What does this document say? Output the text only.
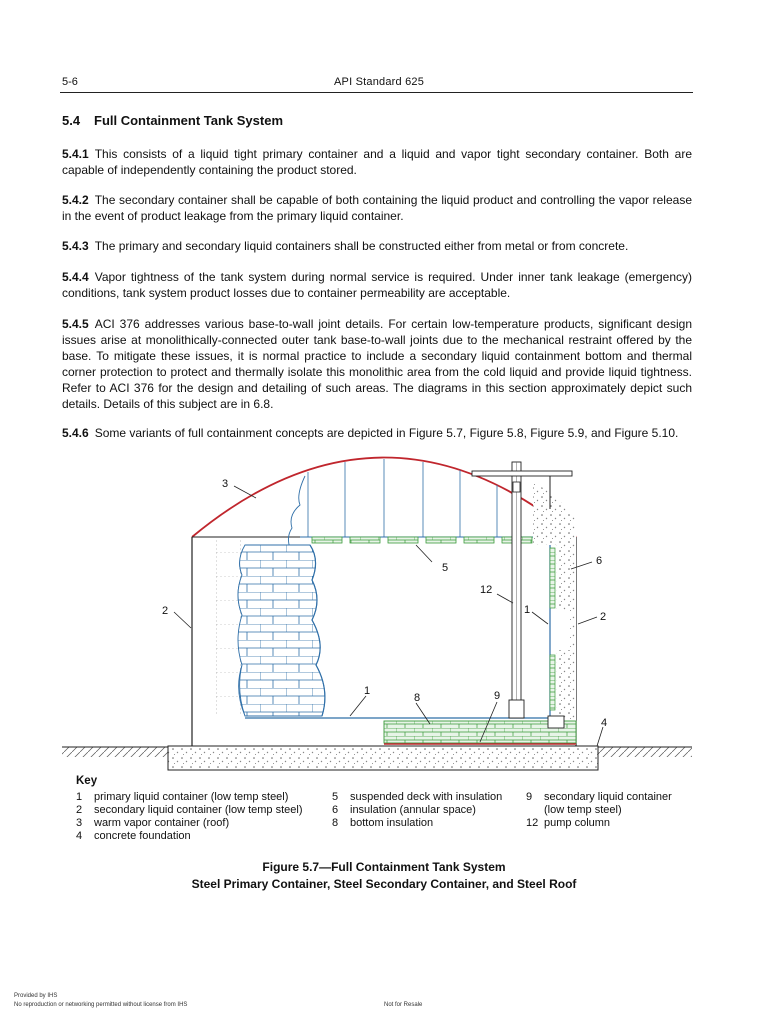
5-6	API Standard 625
5.4 Full Containment Tank System

5.4.1 This consists of a liquid tight primary container and a liquid and vapor tight secondary container. Both are capable of independently containing the product stored.

5.4.2 The secondary container shall be capable of both containing the liquid product and controlling the vapor release in the event of product leakage from the primary liquid container.

5.4.3 The primary and secondary liquid containers shall be constructed either from metal or from concrete.

5.4.4 Vapor tightness of the tank system during normal service is required. Under inner tank leakage (emergency) conditions, tank system product losses due to container permeability are acceptable.

5.4.5 ACI 376 addresses various base-to-wall joint details. For certain low-temperature products, significant design issues arise at monolithically-connected outer tank base-to-wall joints due to the mechanical restraint offered by the base. To mitigate these issues, it is normal practice to include a secondary liquid containment bottom and thermal corner protection to protect and thermally isolate this monolithic area from the cold liquid and provide liquid tightness. Refer to ACI 376 for the design and detailing of such areas. The diagrams in this section approximately depict such details. Details of this subject are in 6.8.

5.4.6 Some variants of full containment concepts are depicted in Figure 5.7, Figure 5.8, Figure 5.9, and Figure 5.10.

3
5
6
12
1
2	2
1
8	9
4
Key
1 primary liquid container (low temp steel)
2 secondary liquid container (low temp steel)
3 warm vapor container (roof)
4 concrete foundation
5 suspended deck with insulation
6 insulation (annular space)
8 bottom insulation
9 secondary liquid container
(low temp steel)
12 pump column
Figure 5.7—Full Containment Tank System
Steel Primary Container, Steel Secondary Container, and Steel Roof
Provided by IHS
No reproduction or networking permitted without license from IHS	Not for Resale
